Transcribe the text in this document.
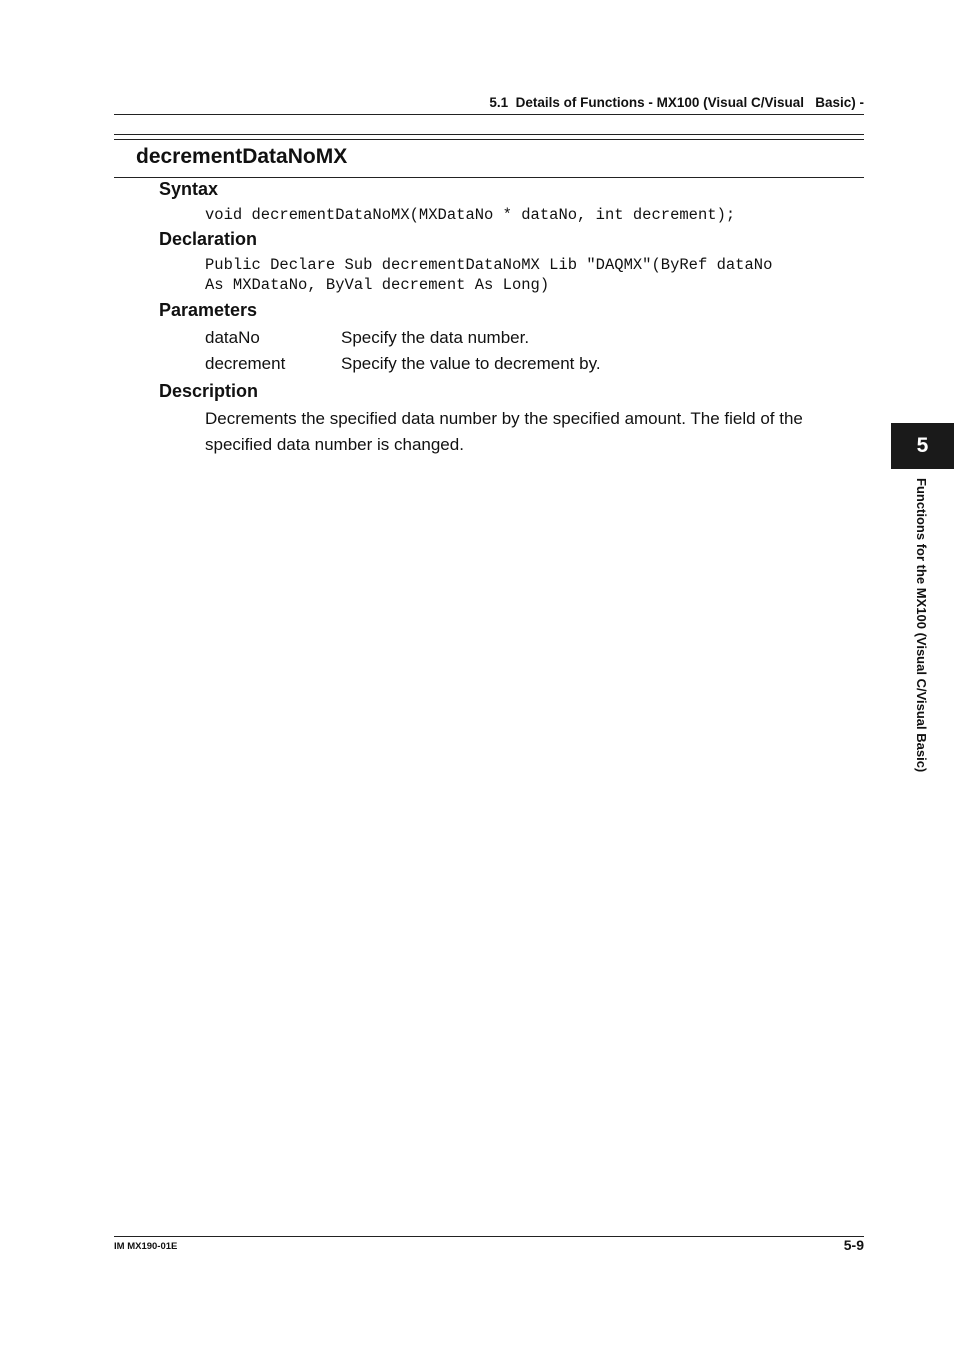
5.1  Details of Functions - MX100 (Visual C/Visual   Basic) -
decrementDataNoMX
Syntax
void decrementDataNoMX(MXDataNo * dataNo, int decrement);
Declaration
Public Declare Sub decrementDataNoMX Lib "DAQMX"(ByRef dataNo
As MXDataNo, ByVal decrement As Long)
Parameters
dataNo	Specify the data number.
decrement	Specify the value to decrement by.
Description
Decrements the specified data number by the specified amount. The field of the specified data number is changed.	5
Functions for the MX100 (Visual C/Visual Basic)
IM MX190-01E	5-9
